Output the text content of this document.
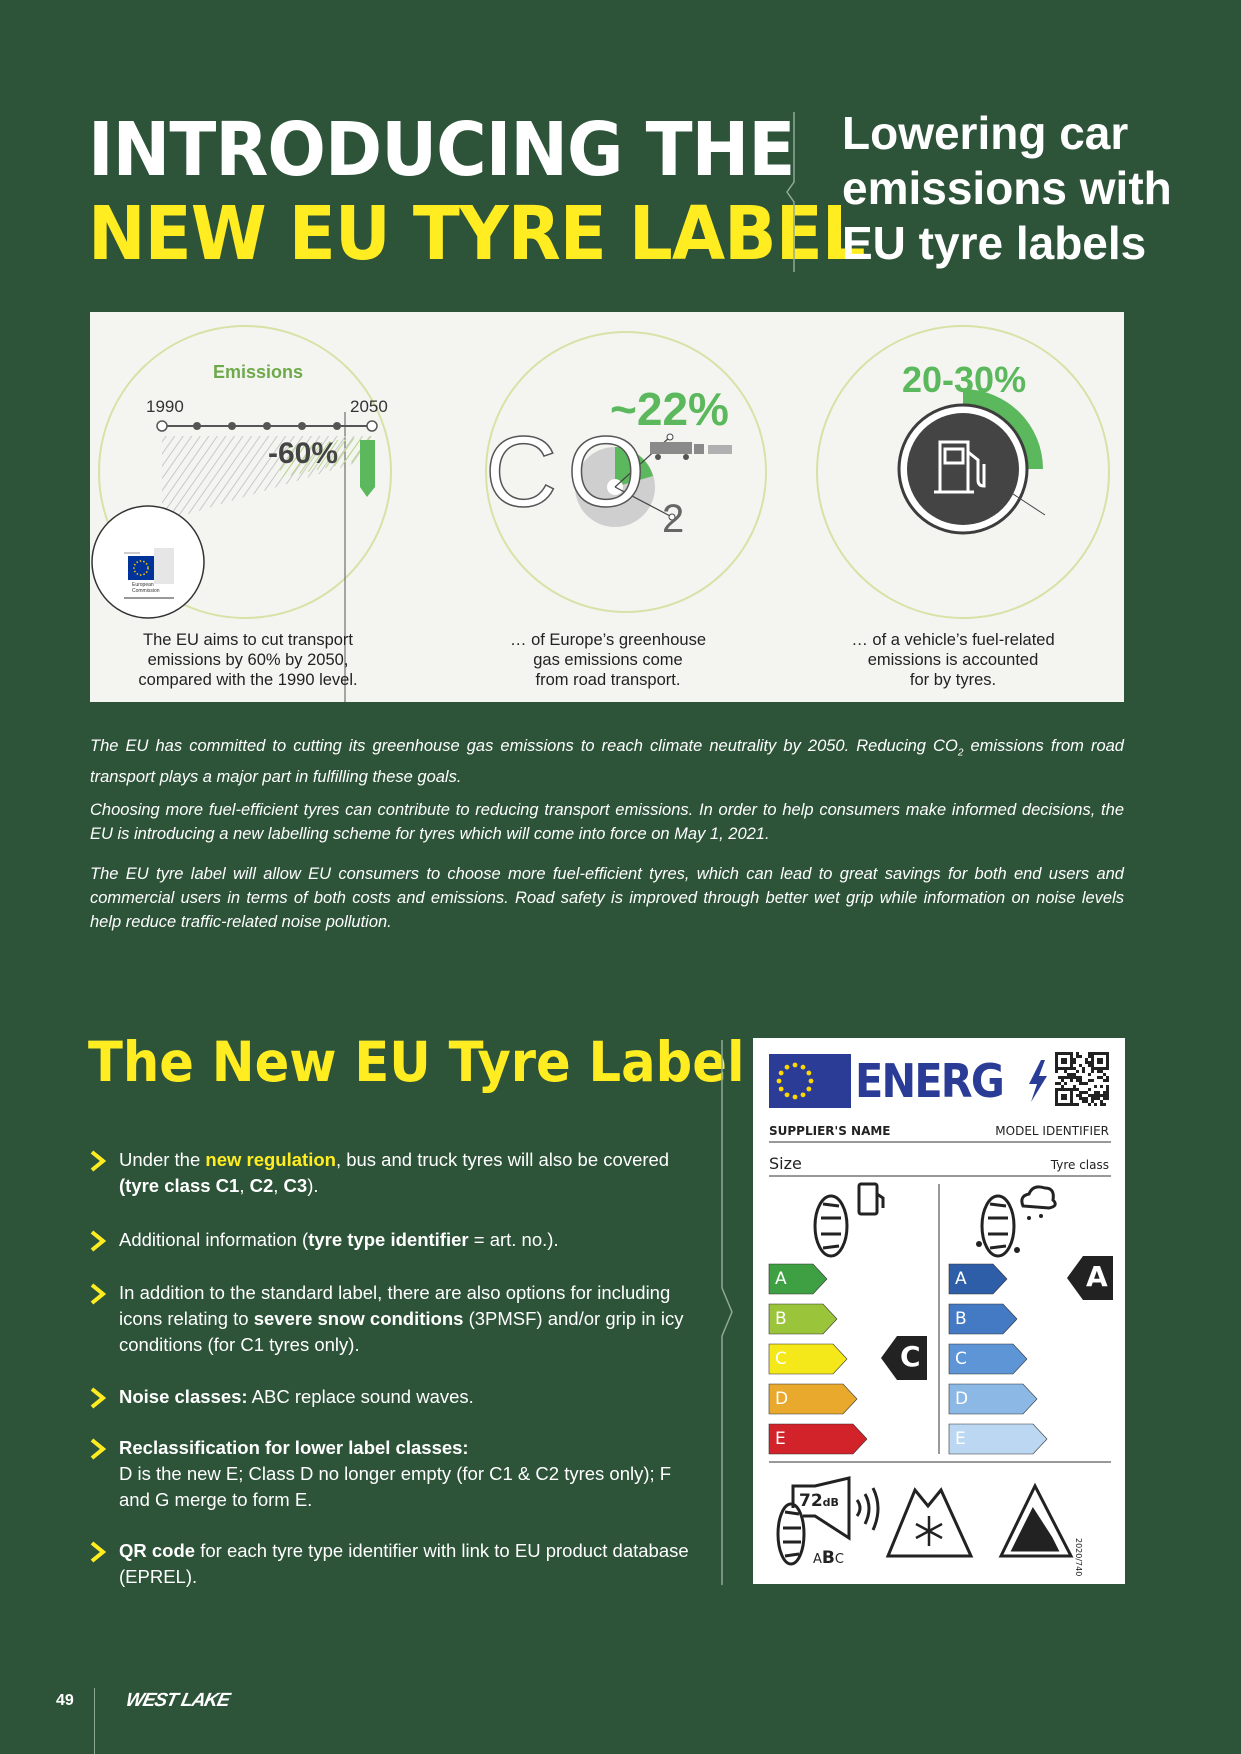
INTRODUCING THE
NEW EU TYRE LABEL
Lowering car
emissions with
EU tyre labels
Emissions
1990	2050
-60%
~22%
CO 2
20-30%
European Commission
The EU aims to cut transport
emissions by 60% by 2050,
compared with the 1990 level.
… of Europe’s greenhouse
gas emissions come
from road transport.
… of a vehicle’s fuel-related
emissions is accounted
for by tyres.
The EU has committed to cutting its greenhouse gas emissions to reach climate neutrality by 2050. Reducing $CO_2$ emissions from road transport plays a major part in fulfilling these goals.
Choosing more fuel-efficient tyres can contribute to reducing transport emissions. In order to help consumers make informed decisions, the EU is introducing a new labelling scheme for tyres which will come into force on May 1, 2021.
The EU tyre label will allow EU consumers to choose more fuel-efficient tyres, which can lead to great savings for both end users and commercial users in terms of both costs and emissions. Road safety is improved through better wet grip while information on noise levels help reduce traffic-related noise pollution.
The New EU Tyre Label
Under the new regulation, bus and truck tyres will also be covered (tyre class C1, C2, C3).
Additional information (tyre type identifier = art. no.).
In addition to the standard label, there are also options for including icons relating to severe snow conditions (3PMSF) and/or grip in icy conditions (for C1 tyres only).
Noise classes: ABC replace sound waves.
Reclassification for lower label classes:
D is the new E; Class D no longer empty (for C1 & C2 tyres only); F and G merge to form E.
QR code for each tyre type identifier with link to EU product database (EPREL).
ENERG
SUPPLIER'S NAME	MODEL IDENTIFIER
Size	Tyre class
A
B
C
D
E
A
B
C
D
E
C
A
72dB
ABC	2020/740
49	WEST LAKE
